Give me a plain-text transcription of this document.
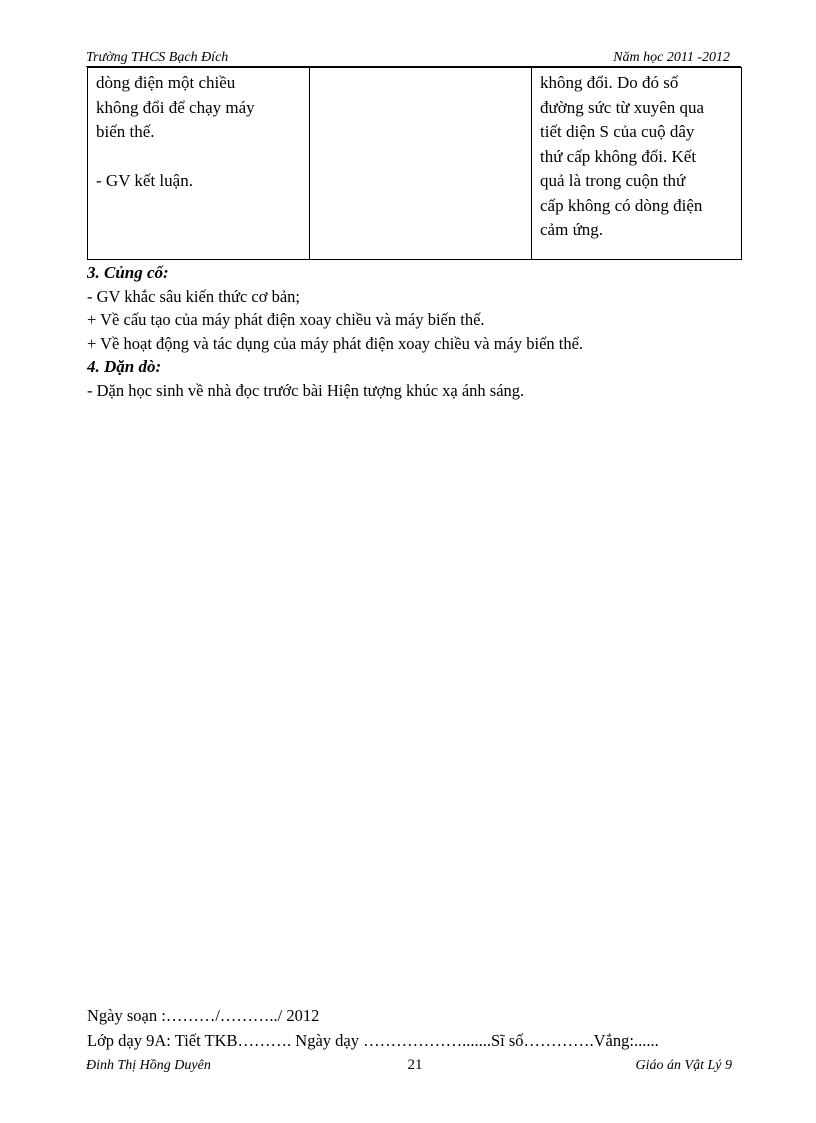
Trường THCS Bạch Đích	Năm học 2011 -2012
dòng điện một chiều
không đổi để chạy máy
biến thế.

- GV kết luận.		không đổi. Do đó số
đường sức từ xuyên qua
tiết diện S của cuộ dây
thứ cấp không đổi. Kết
quả là trong cuộn thứ
cấp không có dòng điện
cảm ứng.
3. Củng cố:
- GV khắc sâu kiến thức cơ bản;
+ Về cấu tạo của máy phát điện xoay chiều và máy biến thế.
+ Về hoạt động và tác dụng của máy phát điện xoay chiều và máy biến thể.
4. Dặn dò:
- Dặn học sinh về nhà đọc trước bài Hiện tượng khúc xạ ánh sáng.
Ngày soạn :………/………../ 2012
Lớp dạy 9A: Tiết TKB………. Ngày dạy ……………….......Sĩ số………….Vắng:......
Đinh Thị Hồng Duyên	21	Giáo án Vật Lý 9
